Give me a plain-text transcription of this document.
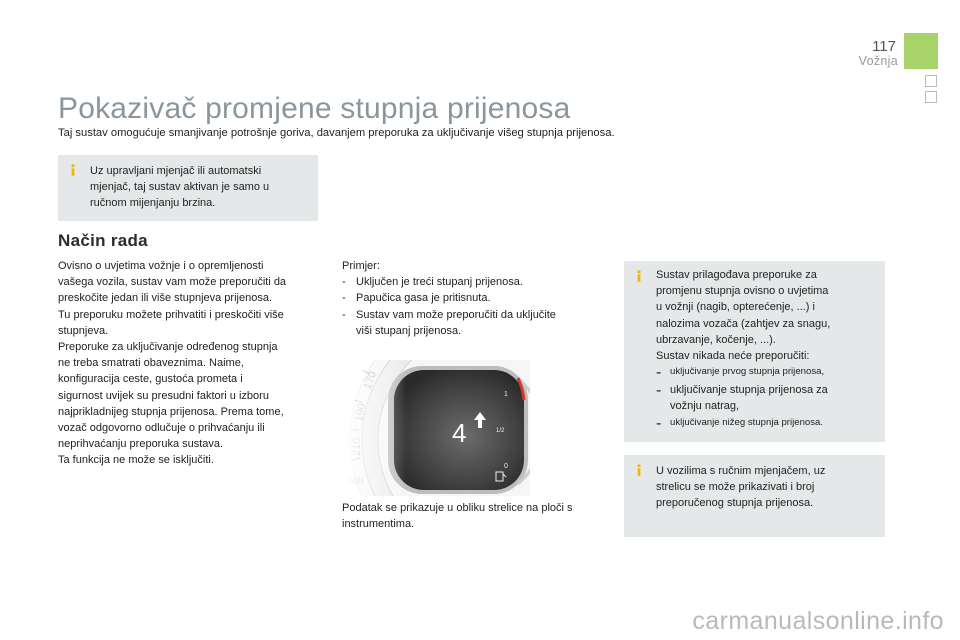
117
Vožnja
Pokazivač promjene stupnja prijenosa
Taj sustav omogućuje smanjivanje potrošnje goriva, davanjem preporuka za uključivanje višeg stupnja prijenosa.

Uz upravljani mjenjač ili automatski

mjenjač, taj sustav aktivan je samo u

ručnom mijenjanju brzina.

Način rada

Ovisno o uvjetima vožnje i o opremljenosti

vašega vozila, sustav vam može preporučiti da

preskočite jedan ili više stupnjeva prijenosa.

Tu preporuku možete prihvatiti i preskočiti više

stupnjeva.

Preporuke za uključivanje određenog stupnja

ne treba smatrati obaveznima. Naime,

konfiguracija ceste, gustoća prometa i

sigurnost uvijek su presudni faktori u izboru

najprikladnijeg stupnja prijenosa. Prema tome,

vozač odgovorno odlučuje o prihvaćanju ili

neprihvaćanju preporuka sustava.

Ta funkcija ne može se isključiti.

Primjer:

- Uključen je treći stupanj prijenosa.

- Papučica gasa je pritisnuta.

- Sustav vam može preporučiti da uključite

viši stupanj prijenosa.

Podatak se prikazuje u obliku strelice na ploči s

instrumentima.

Sustav prilagođava preporuke za

promjenu stupnja ovisno o uvjetima

u vožnji (nagib, opterećenje, ...) i

nalozima vozača (zahtjev za snagu,

ubrzavanje, kočenje, ...).

Sustav nikada neće preporučiti:

- uključivanje prvog stupnja prijenosa,

- uključivanje stupnja prijenosa za

vožnju natrag,

- uključivanje nižeg stupnja prijenosa.

U vozilima s ručnim mjenjačem, uz

strelicu se može prikazivati i broj

preporučenog stupnja prijenosa.

carmanualsonline.info
